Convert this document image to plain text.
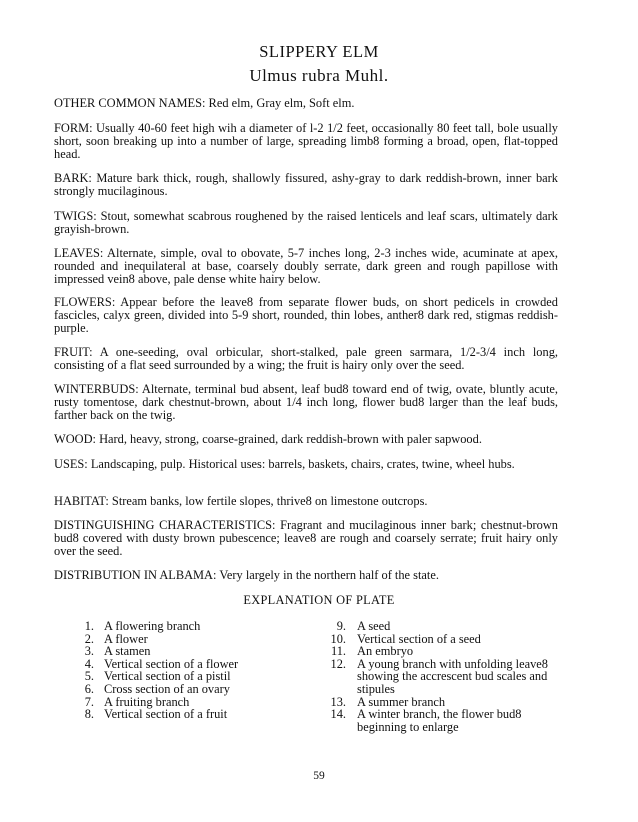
SLIPPERY ELM
Ulmus rubra Muhl.

OTHER COMMON NAMES: Red elm, Gray elm, Soft elm.

FORM: Usually 40-60 feet high wih a diameter of l-2 1/2 feet, occasionally 80 feet tall, bole usually short, soon breaking up into a number of large, spreading limb8 forming a broad, open, flat-topped head.

BARK: Mature bark thick, rough, shallowly fissured, ashy-gray to dark reddish-brown, inner bark strongly mucilaginous.

TWIGS: Stout, somewhat scabrous roughened by the raised lenticels and leaf scars, ultimately dark grayish-brown.

LEAVES: Alternate, simple, oval to obovate, 5-7 inches long, 2-3 inches wide, acuminate at apex, rounded and inequilateral at base, coarsely doubly serrate, dark green and rough papillose with impressed vein8 above, pale dense white hairy below.

FLOWERS: Appear before the leave8 from separate flower buds, on short pedicels in crowded fascicles, calyx green, divided into 5-9 short, rounded, thin lobes, anther8 dark red, stigmas reddish-purple.

FRUIT: A one-seeding, oval orbicular, short-stalked, pale green sarmara, 1/2-3/4 inch long, consisting of a flat seed surrounded by a wing; the fruit is hairy only over the seed.

WINTERBUDS: Alternate, terminal bud absent, leaf bud8 toward end of twig, ovate, bluntly acute, rusty tomentose, dark chestnut-brown, about 1/4 inch long, flower bud8 larger than the leaf buds, farther back on the twig.

WOOD: Hard, heavy, strong, coarse-grained, dark reddish-brown with paler sapwood.

USES: Landscaping, pulp. Historical uses: barrels, baskets, chairs, crates, twine, wheel hubs.

HABITAT: Stream banks, low fertile slopes, thrive8 on limestone outcrops.

DISTINGUISHING CHARACTERISTICS: Fragrant and mucilaginous inner bark; chestnut-brown bud8 covered with dusty brown pubescence; leave8 are rough and coarsely serrate; fruit hairy only over the seed.

DISTRIBUTION IN ALBAMA: Very largely in the northern half of the state.

EXPLANATION OF PLATE
1. A flowering branch
2. A flower
3. A stamen
4. Vertical section of a flower
5. Vertical section of a pistil
6. Cross section of an ovary
7. A fruiting branch
8. Vertical section of a fruit
9. A seed
10. Vertical section of a seed
11. An embryo
12. A young branch with unfolding leave8 showing the accrescent bud scales and stipules
13. A summer branch
14. A winter branch, the flower bud8 beginning to enlarge
59
